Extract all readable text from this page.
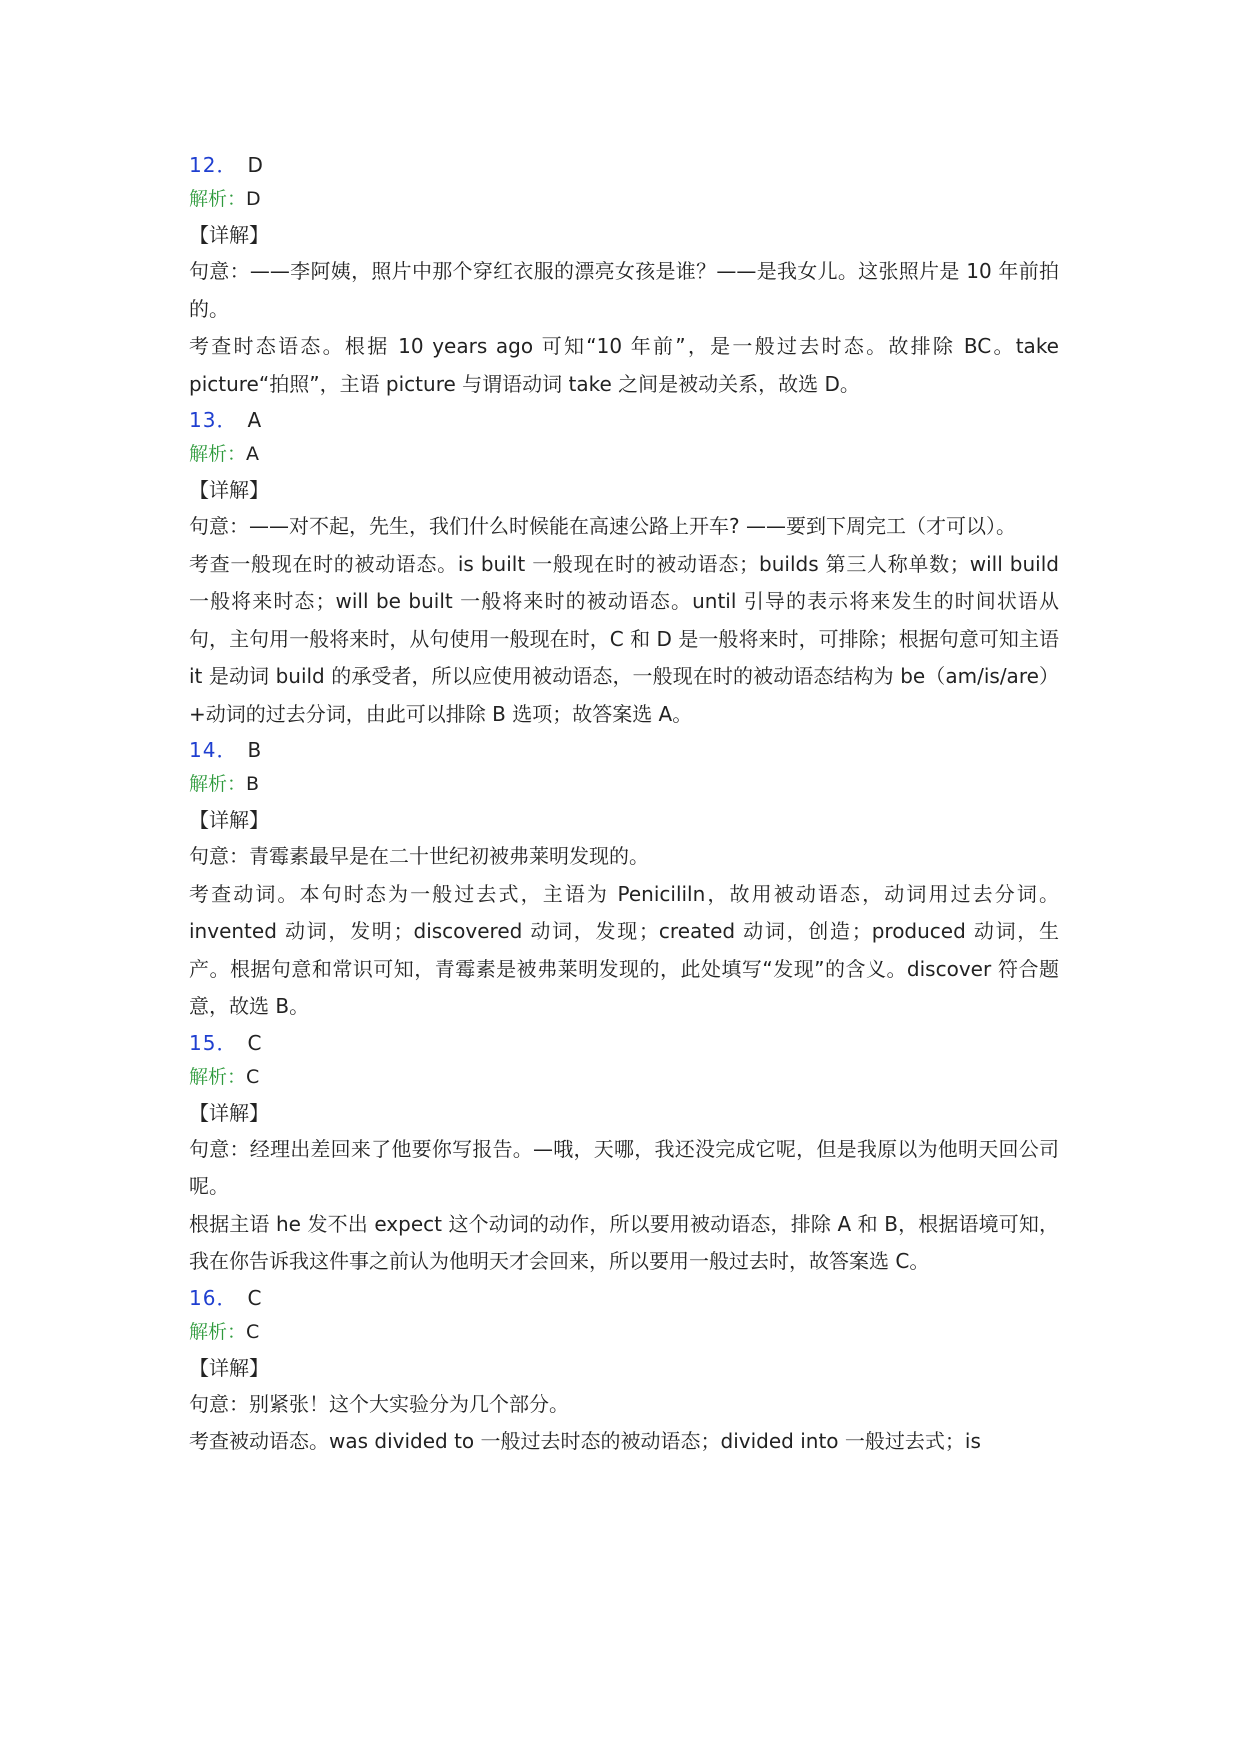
12． D
解析：D
【详解】

句意：——李阿姨，照片中那个穿红衣服的漂亮女孩是谁？——是我女儿。这张照片是 10 年前拍的。

考查时态语态。根据 10 years ago 可知“10 年前”，是一般过去时态。故排除 BC。take picture“拍照”，主语 picture 与谓语动词 take 之间是被动关系，故选 D。

13． A
解析：A
【详解】

句意：——对不起，先生，我们什么时候能在高速公路上开车? ——要到下周完工（才可以）。

考查一般现在时的被动语态。is built 一般现在时的被动语态；builds 第三人称单数；will build 一般将来时态；will be built 一般将来时的被动语态。until 引导的表示将来发生的时间状语从句，主句用一般将来时，从句使用一般现在时，C 和 D 是一般将来时，可排除；根据句意可知主语 it 是动词 build 的承受者，所以应使用被动语态，一般现在时的被动语态结构为 be（am/is/are）+动词的过去分词，由此可以排除 B 选项；故答案选 A。

14． B
解析：B
【详解】

句意：青霉素最早是在二十世纪初被弗莱明发现的。

考查动词。本句时态为一般过去式，主语为 Penicililn，故用被动语态，动词用过去分词。invented 动词，发明；discovered 动词，发现；created 动词，创造；produced 动词，生产。根据句意和常识可知，青霉素是被弗莱明发现的，此处填写“发现”的含义。discover 符合题意，故选 B。

15． C
解析：C
【详解】

句意：经理出差回来了他要你写报告。—哦，天哪，我还没完成它呢，但是我原以为他明天回公司呢。

根据主语 he 发不出 expect 这个动词的动作，所以要用被动语态，排除 A 和 B，根据语境可知，我在你告诉我这件事之前认为他明天才会回来，所以要用一般过去时，故答案选 C。

16． C
解析：C
【详解】

句意：别紧张！这个大实验分为几个部分。

考查被动语态。was divided to 一般过去时态的被动语态；divided into 一般过去式；is
